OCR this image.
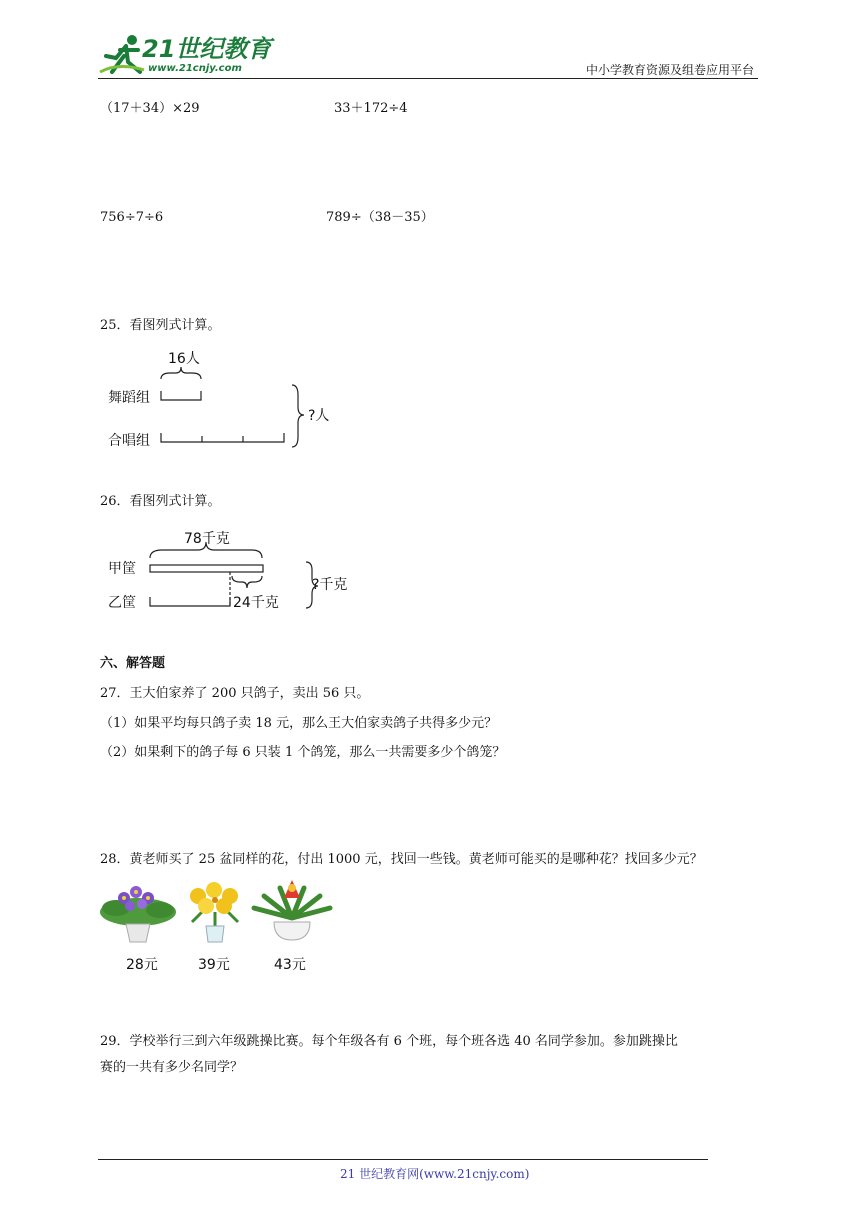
21世纪教育
www.21cnjy.com	中小学教育资源及组卷应用平台
（17＋34）×29	33＋172÷4
756÷7÷6	789÷（38－35）
25．看图列式计算。
16人
舞蹈组
合唱组
?人
26．看图列式计算。
78千克
甲筐
乙筐	24千克
?千克
六、解答题
27．王大伯家养了 200 只鸽子，卖出 56 只。
（1）如果平均每只鸽子卖 18 元，那么王大伯家卖鸽子共得多少元？
（2）如果剩下的鸽子每 6 只装 1 个鸽笼，那么一共需要多少个鸽笼？
28．黄老师买了 25 盆同样的花，付出 1000 元，找回一些钱。黄老师可能买的是哪种花？找回多少元？
28元	39元	43元
29．学校举行三到六年级跳操比赛。每个年级各有 6 个班，每个班各选 40 名同学参加。参加跳操比
赛的一共有多少名同学？
21 世纪教育网(www.21cnjy.com)
